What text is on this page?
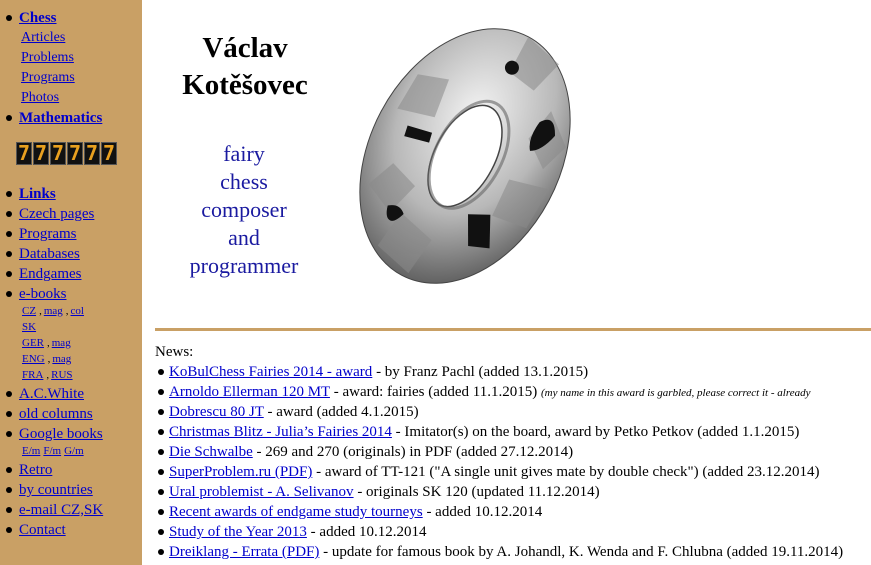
7 7 7 7 7 7
Václav
Kotěšovec
fairy
chess
composer
and
programmer
News:
Chess
Articles
Problems
Programs
Photos
Mathematics
Links
Czech pages
Programs
Databases
Endgames
e-books
CZ , mag , col
SK
GER , mag
ENG , mag
FRA , RUS
A.C.White
old columns
Google books
E/m F/m G/m
Retro
by countries
e-mail CZ,SK
Contact
KoBulChess Fairies 2014 - award - by Franz Pachl (added 13.1.2015)
Arnoldo Ellerman 120 MT - award: fairies (added 11.1.2015) (my name in this award is garbled, please correct it - already
Dobrescu 80 JT - award (added 4.1.2015)
Christmas Blitz - Julia’s Fairies 2014 - Imitator(s) on the board, award by Petko Petkov (added 1.1.2015)
Die Schwalbe - 269 and 270 (originals) in PDF (added 27.12.2014)
SuperProblem.ru (PDF) - award of TT-121 ("A single unit gives mate by double check") (added 23.12.2014)
Ural problemist - A. Selivanov - originals SK 120 (updated 11.12.2014)
Recent awards of endgame study tourneys - added 10.12.2014
Study of the Year 2013 - added 10.12.2014
Dreiklang - Errata (PDF) - update for famous book by A. Johandl, K. Wenda and F. Chlubna (added 19.11.2014)
